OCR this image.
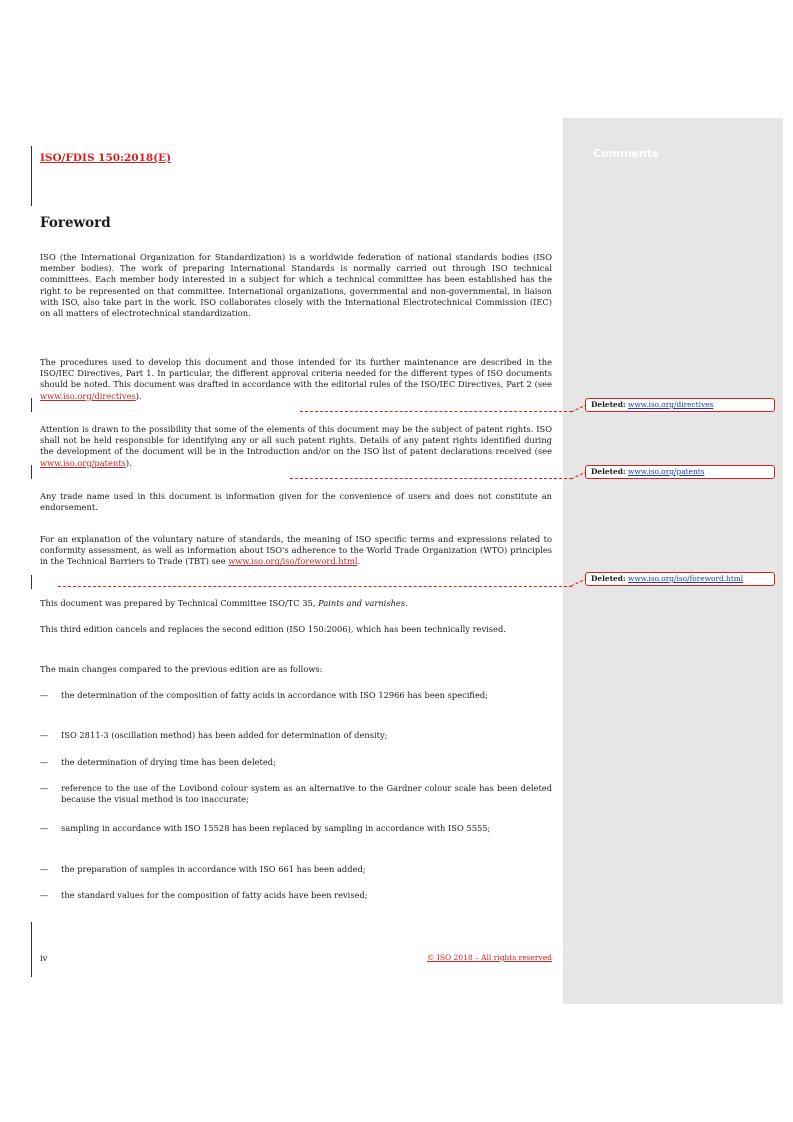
Comments
ISO/FDIS 150:2018(E)
Foreword

ISO (the International Organization for Standardization) is a worldwide federation of national standards bodies (ISO member bodies). The work of preparing International Standards is normally carried out through ISO technical committees. Each member body interested in a subject for which a technical committee has been established has the right to be represented on that committee. International organizations, governmental and non-governmental, in liaison with ISO, also take part in the work. ISO collaborates closely with the International Electrotechnical Commission (IEC) on all matters of electrotechnical standardization.

The procedures used to develop this document and those intended for its further maintenance are described in the ISO/IEC Directives, Part 1. In particular, the different approval criteria needed for the different types of ISO documents should be noted. This document was drafted in accordance with the editorial rules of the ISO/IEC Directives, Part 2 (see www.iso.org/directives).

Attention is drawn to the possibility that some of the elements of this document may be the subject of patent rights. ISO shall not be held responsible for identifying any or all such patent rights. Details of any patent rights identified during the development of the document will be in the Introduction and/or on the ISO list of patent declarations received (see www.iso.org/patents).

Any trade name used in this document is information given for the convenience of users and does not constitute an endorsement.

For an explanation of the voluntary nature of standards, the meaning of ISO specific terms and expressions related to conformity assessment, as well as information about ISO's adherence to the World Trade Organization (WTO) principles in the Technical Barriers to Trade (TBT) see www.iso.org/iso/foreword.html.

This document was prepared by Technical Committee ISO/TC 35, Paints and varnishes.

This third edition cancels and replaces the second edition (ISO 150:2006), which has been technically revised.

The main changes compared to the previous edition are as follows:

— the determination of the composition of fatty acids in accordance with ISO 12966 has been specified;
— ISO 2811-3 (oscillation method) has been added for determination of density;
— the determination of drying time has been deleted;
— reference to the use of the Lovibond colour system as an alternative to the Gardner colour scale has been deleted because the visual method is too inaccurate;
— sampling in accordance with ISO 15528 has been replaced by sampling in accordance with ISO 5555;
— the preparation of samples in accordance with ISO 661 has been added;
— the standard values for the composition of fatty acids have been revised;
iv	© ISO 2018 – All rights reserved
Deleted: www.iso.org/directives
Deleted: www.iso.org/patents
Deleted: www.iso.org/iso/foreword.html
